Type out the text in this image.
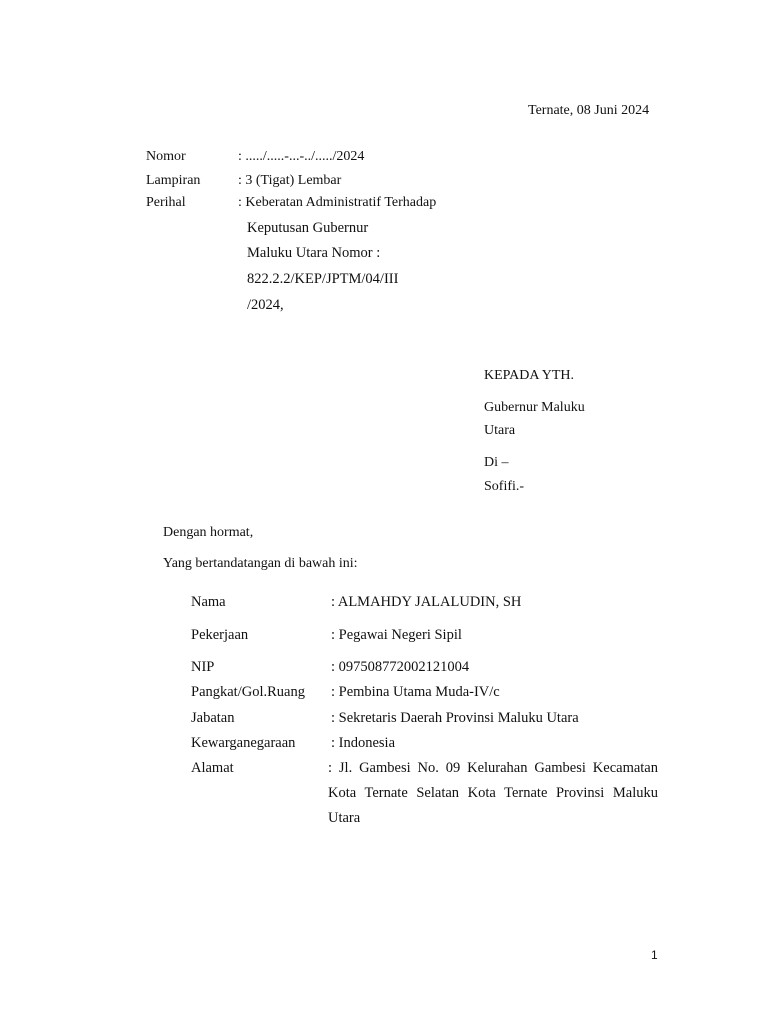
Ternate, 08 Juni 2024
Nomor	: ...../.....-...-../...../2024
Lampiran	: 3 (Tigat) Lembar
Perihal	: Keberatan Administratif Terhadap
Keputusan Gubernur
Maluku Utara Nomor :
822.2.2/KEP/JPTM/04/III
/2024,
KEPADA YTH.
Gubernur Maluku
Utara
Di –
Sofifi.-
Dengan hormat,
Yang bertandatangan di bawah ini:
Nama	: ALMAHDY JALALUDIN, SH
Pekerjaan	: Pegawai Negeri Sipil
NIP	: 097508772002121004
Pangkat/Gol.Ruang : Pembina Utama Muda-IV/c
Jabatan	: Sekretaris Daerah Provinsi Maluku Utara
Kewarganegaraan : Indonesia
Alamat	: Jl. Gambesi No. 09 Kelurahan Gambesi Kecamatan
Kota Ternate Selatan Kota Ternate Provinsi Maluku
Utara
1
